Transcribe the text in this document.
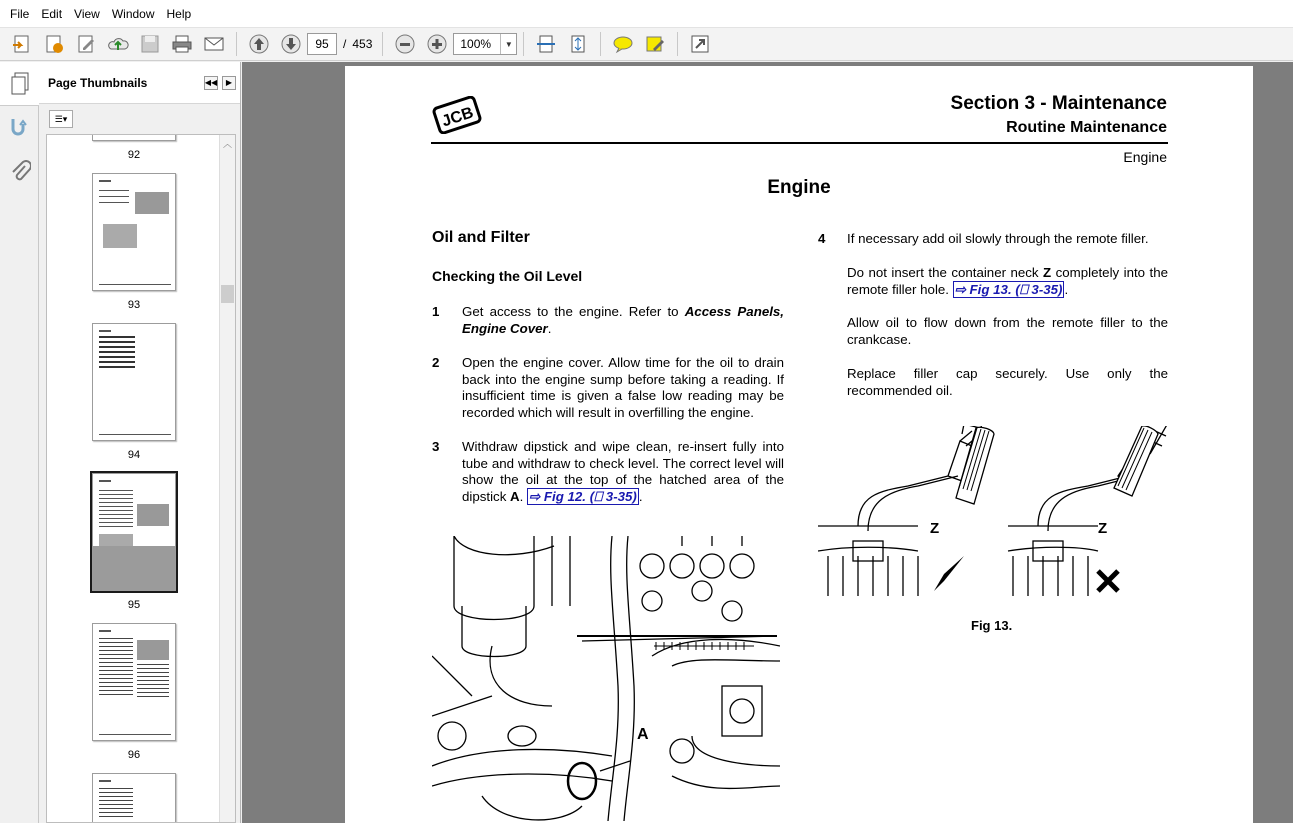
File	Edit	View	Window	Help
95
/ 453
100%	▼
Page Thumbnails	◀◀	▶
☰▾
92
93
94
95
96
︿
JCB
Section 3 - Maintenance
Routine Maintenance
Engine
Engine
Oil and Filter
Checking the Oil Level
1 Get access to the engine. Refer to Access Panels, Engine Cover.
2 Open the engine cover. Allow time for the oil to drain back into the engine sump before taking a reading. If insufficient time is given a false low reading may be recorded which will result in overfilling the engine.
3 Withdraw dipstick and wipe clean, re-insert fully into tube and withdraw to check level. The correct level will show the oil at the top of the hatched area of the dipstick A. ⇨ Fig 12. (⎕ 3-35) .
4 If necessary add oil slowly through the remote filler.
Do not insert the container neck Z completely into the remote filler hole. ⇨ Fig 13. (⎕ 3-35) .
Allow oil to flow down from the remote filler to the crankcase.
Replace filler cap securely. Use only the recommended oil.
A
Z	Z
Fig 13.
